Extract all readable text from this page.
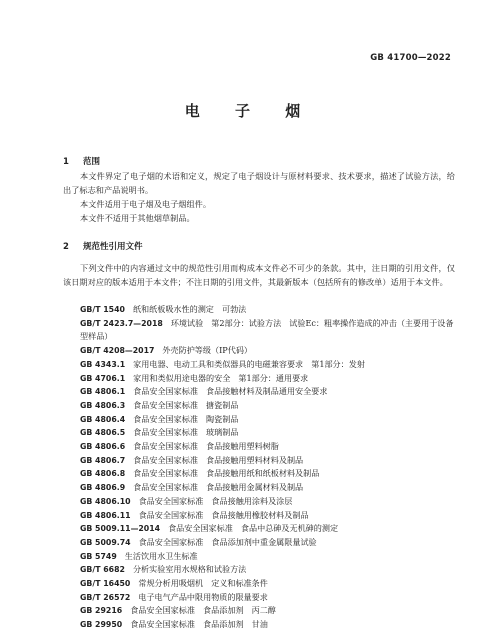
GB 41700—2022
电 子 烟
1 范围
本文件界定了电子烟的术语和定义，规定了电子烟设计与原材料要求、技术要求，描述了试验方法，给出了标志和产品说明书。
本文件适用于电子烟及电子烟组件。
本文件不适用于其他烟草制品。
2 规范性引用文件
下列文件中的内容通过文中的规范性引用而构成本文件必不可少的条款。其中，注日期的引用文件，仅该日期对应的版本适用于本文件；不注日期的引用文件，其最新版本（包括所有的修改单）适用于本文件。
GB/T 1540 纸和纸板吸水性的测定　可勃法
GB/T 2423.7—2018 环境试验　第2部分：试验方法　试验Ec：粗率操作造成的冲击（主要用于设备型样品）
GB/T 4208—2017 外壳防护等级（IP代码）
GB 4343.1 家用电器、电动工具和类似器具的电磁兼容要求　第1部分：发射
GB 4706.1 家用和类似用途电器的安全　第1部分：通用要求
GB 4806.1 食品安全国家标准　食品接触材料及制品通用安全要求
GB 4806.3 食品安全国家标准　搪瓷制品
GB 4806.4 食品安全国家标准　陶瓷制品
GB 4806.5 食品安全国家标准　玻璃制品
GB 4806.6 食品安全国家标准　食品接触用塑料树脂
GB 4806.7 食品安全国家标准　食品接触用塑料材料及制品
GB 4806.8 食品安全国家标准　食品接触用纸和纸板材料及制品
GB 4806.9 食品安全国家标准　食品接触用金属材料及制品
GB 4806.10 食品安全国家标准　食品接触用涂料及涂层
GB 4806.11 食品安全国家标准　食品接触用橡胶材料及制品
GB 5009.11—2014 食品安全国家标准　食品中总砷及无机砷的测定
GB 5009.74 食品安全国家标准　食品添加剂中重金属限量试验
GB 5749 生活饮用水卫生标准
GB/T 6682 分析实验室用水规格和试验方法
GB/T 16450 常规分析用吸烟机　定义和标准条件
GB/T 26572 电子电气产品中限用物质的限量要求
GB 29216 食品安全国家标准　食品添加剂　丙二醇
GB 29950 食品安全国家标准　食品添加剂　甘油
